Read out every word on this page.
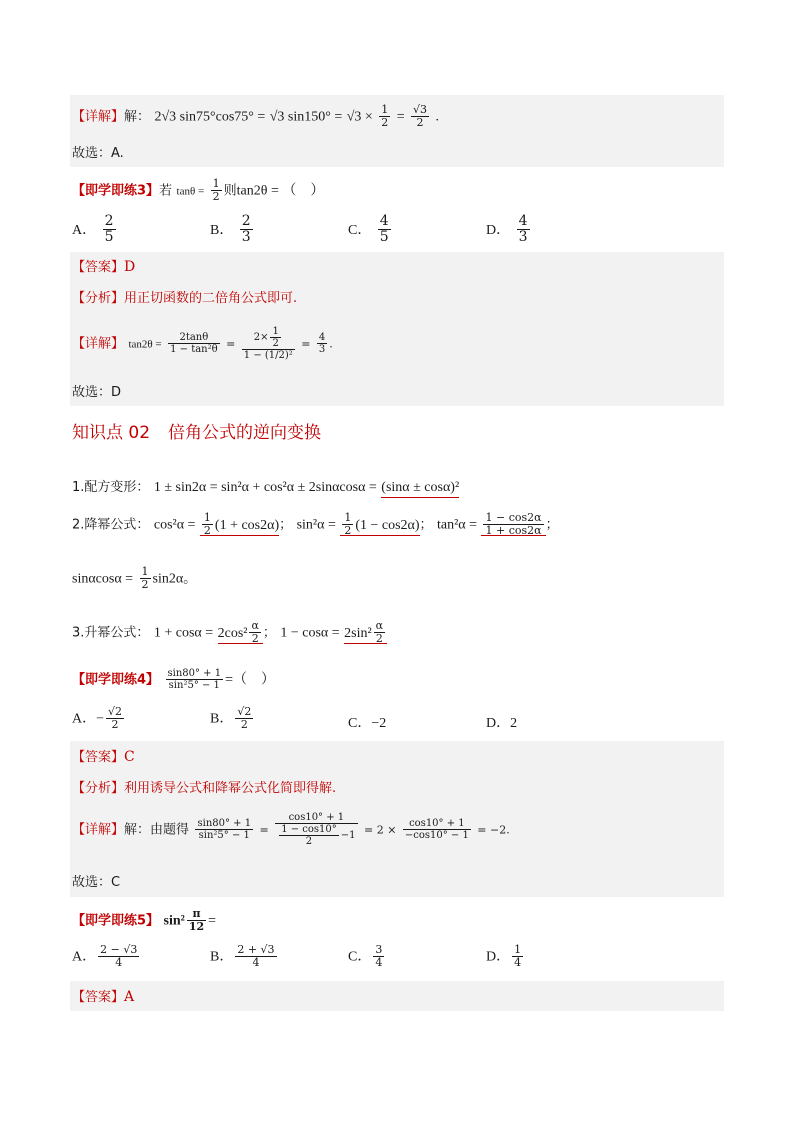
【详解】解： 2√3 sin75°cos75° = √3 $\sin 150^\circ = √3 \times \frac{1}{2} = \frac{√3}{2}$ .
故选：A.
【即学即练3】若 $\tan\theta = \frac{1}{2}$ 则tan2θ = （　）
A． $\frac{2}{5}$	B． $\frac{2}{3}$	C． $\frac{4}{5}$	D． $\frac{4}{3}$
【答案】D
【分析】用正切函数的二倍角公式即可.
【详解】 $\tan 2\theta = \frac{2\tan\theta}{\text{1 − tan²θ}} = \frac{2\times \frac{1}{2}}{\text{1 − (1/2)²}} = \frac{4}{3}$ .
故选：D
知识点 02 倍角公式的逆向变换
1.配方变形： 1 ± sin2α = sin²α + cos²α ± 2sinαcosα = (sinα ± cosα)²
2.降幂公式： $\cos^2\alpha = \frac{1}{2} (1 + \cos 2\alpha)$； $\sin^2\alpha = \frac{1}{2} (1 - \cos 2\alpha)$； $\tan^2\alpha = \frac{1 - \cos 2\alpha}{1 + \cos 2\alpha}$ ；
$\sin\alpha\cos\alpha = \frac{1}{2} \sin 2\alpha$。
3.升幂公式： $1 + \cos\alpha = 2\cos^2 \frac{\alpha}{2}$ ； $1 - \cos\alpha = 2\sin^2 \frac{\alpha}{2}$
【即学即练4】 $\frac{\sin 80^\circ + 1}{\text{sin²5° − 1}}$ =（　）
A．− $\frac{√2}{2}$	B． $\frac{√2}{2}$	C．−2	D．2
【答案】C
【分析】利用诱导公式和降幂公式化简即得解.
【详解】解：由题得 $\frac{\sin 80^\circ + 1}{\text{sin²5° − 1}} = \frac{\cos 10^\circ + 1}{\frac{1 - \cos 10^\circ}{2} -1} = 2 \times \frac{\cos 10^\circ + 1}{-\cos 10^\circ - 1} = -2$.
故选：C
【即学即练5】 $\sin^2 \frac{\pi}{12}$ =
A． $\frac{2 - √3}{4}$	B． $\frac{2 + √3}{4}$	C． $\frac{3}{4}$	D． $\frac{1}{4}$
【答案】A
